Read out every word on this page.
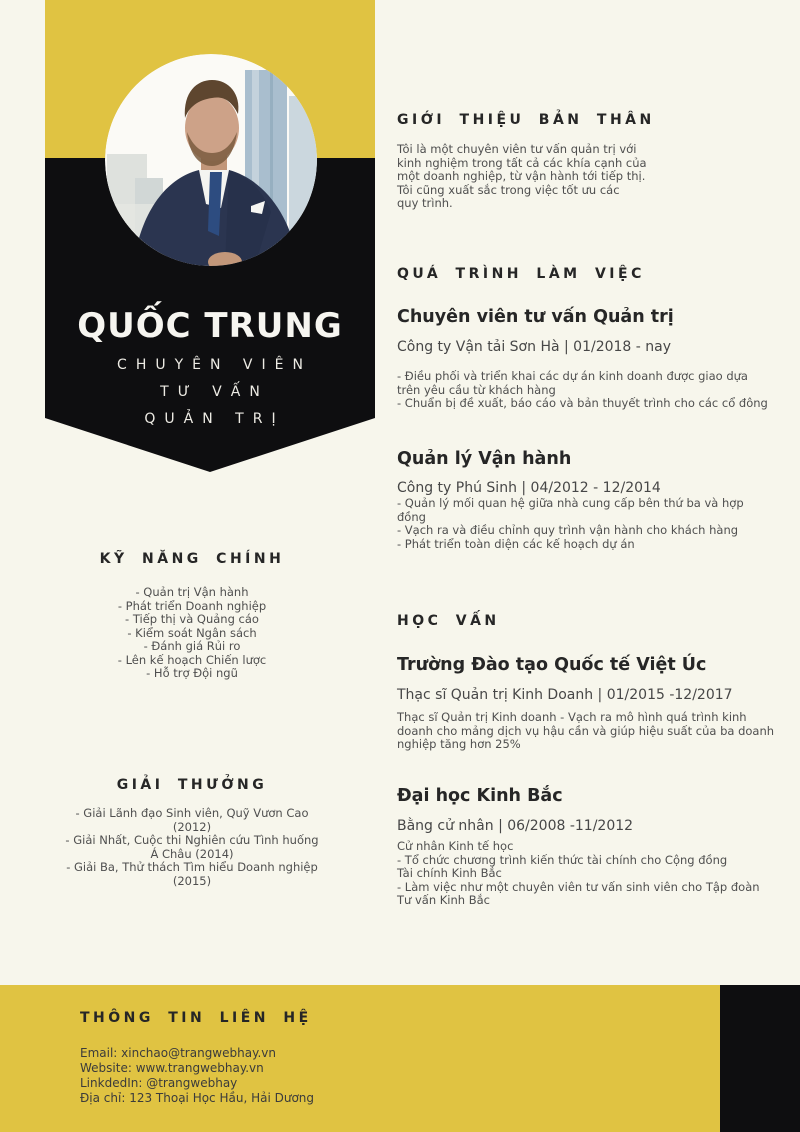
QUỐC TRUNG
CHUYÊN VIÊN
TƯ VẤN
QUẢN TRỊ
GIỚI THIỆU BẢN THÂN
Tôi là một chuyên viên tư vấn quản trị với
kinh nghiệm trong tất cả các khía cạnh của
một doanh nghiệp, từ vận hành tới tiếp thị.
Tôi cũng xuất sắc trong việc tốt ưu các
quy trình.
QUÁ TRÌNH LÀM VIỆC
Chuyên viên tư vấn Quản trị
Công ty Vận tải Sơn Hà | 01/2018 - nay
- Điều phối và triển khai các dự án kinh doanh được giao dựa
trên yêu cầu từ khách hàng
- Chuẩn bị đề xuất, báo cáo và bản thuyết trình cho các cổ đông
Quản lý Vận hành
Công ty Phú Sinh | 04/2012 - 12/2014
- Quản lý mối quan hệ giữa nhà cung cấp bên thứ ba và hợp
đồng
- Vạch ra và điều chỉnh quy trình vận hành cho khách hàng
- Phát triển toàn diện các kế hoạch dự án
HỌC VẤN
Trường Đào tạo Quốc tế Việt Úc
Thạc sĩ Quản trị Kinh Doanh | 01/2015 -12/2017
Thạc sĩ Quản trị Kinh doanh - Vạch ra mô hình quá trình kinh
doanh cho mảng dịch vụ hậu cần và giúp hiệu suất của ba doanh
nghiệp tăng hơn 25%
Đại học Kinh Bắc
Bằng cử nhân | 06/2008 -11/2012
Cử nhân Kinh tế học
- Tổ chức chương trình kiến thức tài chính cho Cộng đồng
Tài chính Kinh Bắc
- Làm việc như một chuyên viên tư vấn sinh viên cho Tập đoàn
Tư vấn Kinh Bắc
KỸ NĂNG CHÍNH
- Quản trị Vận hành
- Phát triển Doanh nghiệp
- Tiếp thị và Quảng cáo
- Kiểm soát Ngân sách
- Đánh giá Rủi ro
- Lên kế hoạch Chiến lược
- Hỗ trợ Đội ngũ
GIẢI THƯỞNG
- Giải Lãnh đạo Sinh viên, Quỹ Vươn Cao
(2012)
- Giải Nhất, Cuộc thi Nghiên cứu Tình huống
Á Châu (2014)
- Giải Ba, Thử thách Tìm hiểu Doanh nghiệp
(2015)
THÔNG TIN LIÊN HỆ
Email: xinchao@trangwebhay.vn
Website: www.trangwebhay.vn
LinkdedIn: @trangwebhay
Địa chỉ: 123 Thoại Học Hầu, Hải Dương
